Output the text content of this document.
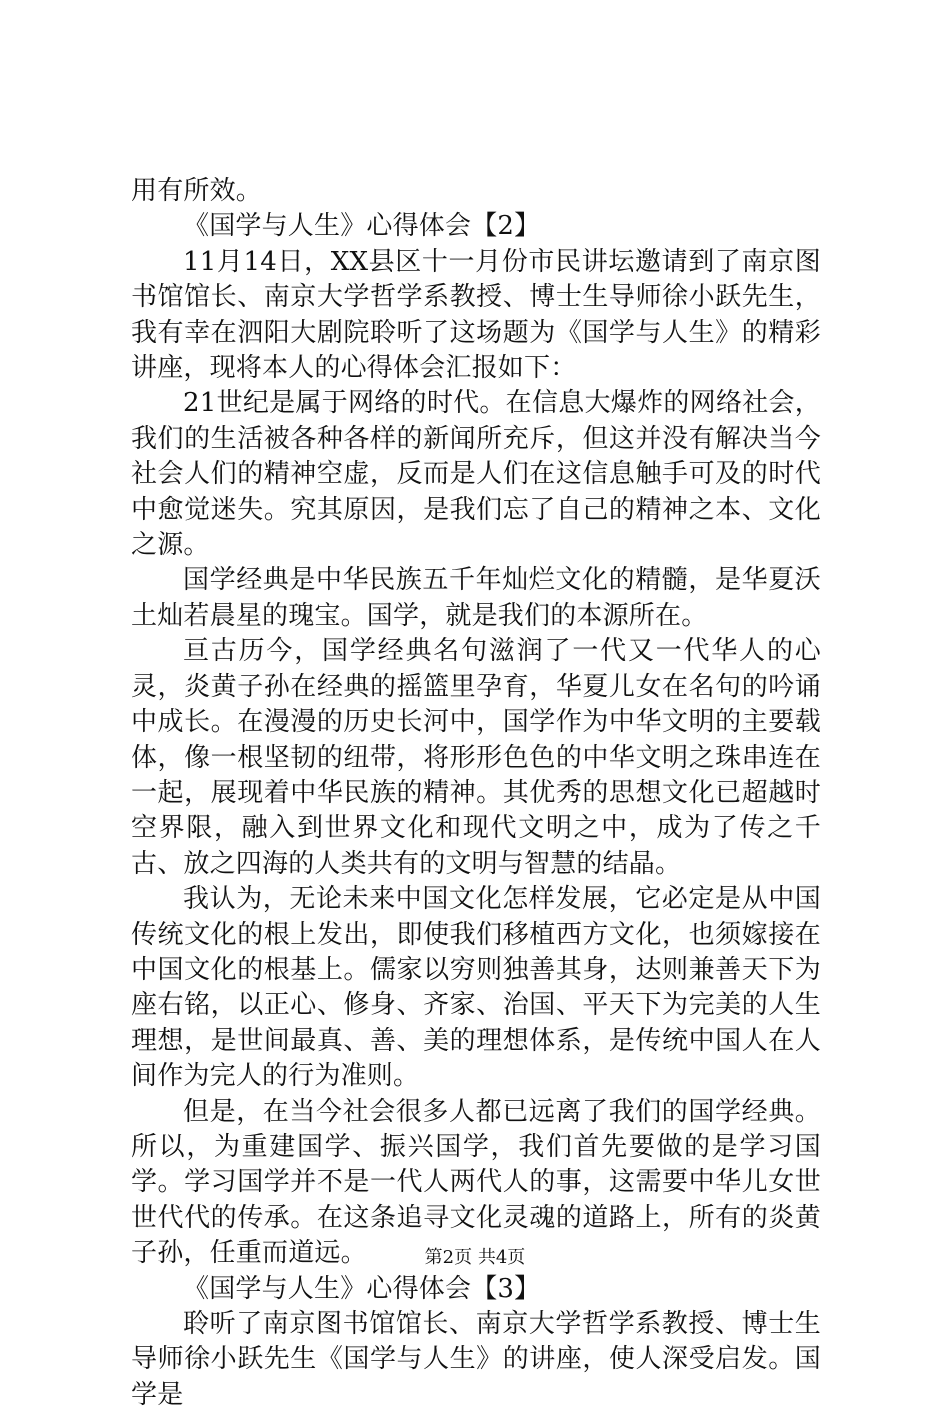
用有所效。

《国学与人生》心得体会【2】

11月14日，XX县区十一月份市民讲坛邀请到了南京图书馆馆长、南京大学哲学系教授、博士生导师徐小跃先生，我有幸在泗阳大剧院聆听了这场题为《国学与人生》的精彩讲座，现将本人的心得体会汇报如下：

21世纪是属于网络的时代。在信息大爆炸的网络社会，我们的生活被各种各样的新闻所充斥，但这并没有解决当今社会人们的精神空虚，反而是人们在这信息触手可及的时代中愈觉迷失。究其原因，是我们忘了自己的精神之本、文化之源。

国学经典是中华民族五千年灿烂文化的精髓，是华夏沃土灿若晨星的瑰宝。国学，就是我们的本源所在。

亘古历今，国学经典名句滋润了一代又一代华人的心灵，炎黄子孙在经典的摇篮里孕育，华夏儿女在名句的吟诵中成长。在漫漫的历史长河中，国学作为中华文明的主要载体，像一根坚韧的纽带，将形形色色的中华文明之珠串连在一起，展现着中华民族的精神。其优秀的思想文化已超越时空界限，融入到世界文化和现代文明之中，成为了传之千古、放之四海的人类共有的文明与智慧的结晶。

我认为，无论未来中国文化怎样发展，它必定是从中国传统文化的根上发出，即使我们移植西方文化，也须嫁接在中国文化的根基上。儒家以穷则独善其身，达则兼善天下为座右铭，以正心、修身、齐家、治国、平天下为完美的人生理想，是世间最真、善、美的理想体系，是传统中国人在人间作为完人的行为准则。

但是，在当今社会很多人都已远离了我们的国学经典。所以，为重建国学、振兴国学，我们首先要做的是学习国学。学习国学并不是一代人两代人的事，这需要中华儿女世世代代的传承。在这条追寻文化灵魂的道路上，所有的炎黄子孙，任重而道远。

《国学与人生》心得体会【3】

聆听了南京图书馆馆长、南京大学哲学系教授、博士生导师徐小跃先生《国学与人生》的讲座，使人深受启发。国学是

第2页 共4页
